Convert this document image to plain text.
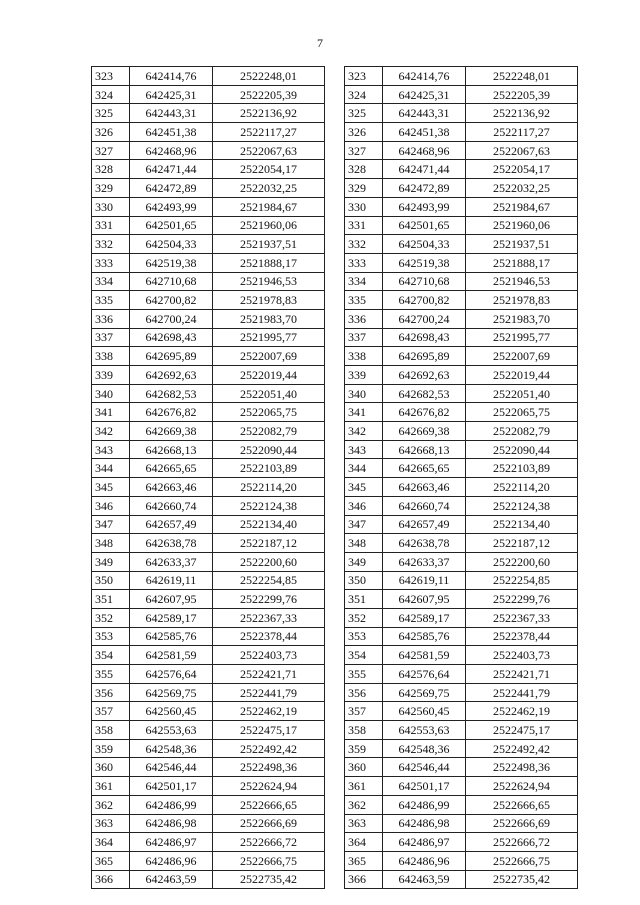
7
323	642414,76	2522248,01
324	642425,31	2522205,39
325	642443,31	2522136,92
326	642451,38	2522117,27
327	642468,96	2522067,63
328	642471,44	2522054,17
329	642472,89	2522032,25
330	642493,99	2521984,67
331	642501,65	2521960,06
332	642504,33	2521937,51
333	642519,38	2521888,17
334	642710,68	2521946,53
335	642700,82	2521978,83
336	642700,24	2521983,70
337	642698,43	2521995,77
338	642695,89	2522007,69
339	642692,63	2522019,44
340	642682,53	2522051,40
341	642676,82	2522065,75
342	642669,38	2522082,79
343	642668,13	2522090,44
344	642665,65	2522103,89
345	642663,46	2522114,20
346	642660,74	2522124,38
347	642657,49	2522134,40
348	642638,78	2522187,12
349	642633,37	2522200,60
350	642619,11	2522254,85
351	642607,95	2522299,76
352	642589,17	2522367,33
353	642585,76	2522378,44
354	642581,59	2522403,73
355	642576,64	2522421,71
356	642569,75	2522441,79
357	642560,45	2522462,19
358	642553,63	2522475,17
359	642548,36	2522492,42
360	642546,44	2522498,36
361	642501,17	2522624,94
362	642486,99	2522666,65
363	642486,98	2522666,69
364	642486,97	2522666,72
365	642486,96	2522666,75
366	642463,59	2522735,42
323	642414,76	2522248,01
324	642425,31	2522205,39
325	642443,31	2522136,92
326	642451,38	2522117,27
327	642468,96	2522067,63
328	642471,44	2522054,17
329	642472,89	2522032,25
330	642493,99	2521984,67
331	642501,65	2521960,06
332	642504,33	2521937,51
333	642519,38	2521888,17
334	642710,68	2521946,53
335	642700,82	2521978,83
336	642700,24	2521983,70
337	642698,43	2521995,77
338	642695,89	2522007,69
339	642692,63	2522019,44
340	642682,53	2522051,40
341	642676,82	2522065,75
342	642669,38	2522082,79
343	642668,13	2522090,44
344	642665,65	2522103,89
345	642663,46	2522114,20
346	642660,74	2522124,38
347	642657,49	2522134,40
348	642638,78	2522187,12
349	642633,37	2522200,60
350	642619,11	2522254,85
351	642607,95	2522299,76
352	642589,17	2522367,33
353	642585,76	2522378,44
354	642581,59	2522403,73
355	642576,64	2522421,71
356	642569,75	2522441,79
357	642560,45	2522462,19
358	642553,63	2522475,17
359	642548,36	2522492,42
360	642546,44	2522498,36
361	642501,17	2522624,94
362	642486,99	2522666,65
363	642486,98	2522666,69
364	642486,97	2522666,72
365	642486,96	2522666,75
366	642463,59	2522735,42
